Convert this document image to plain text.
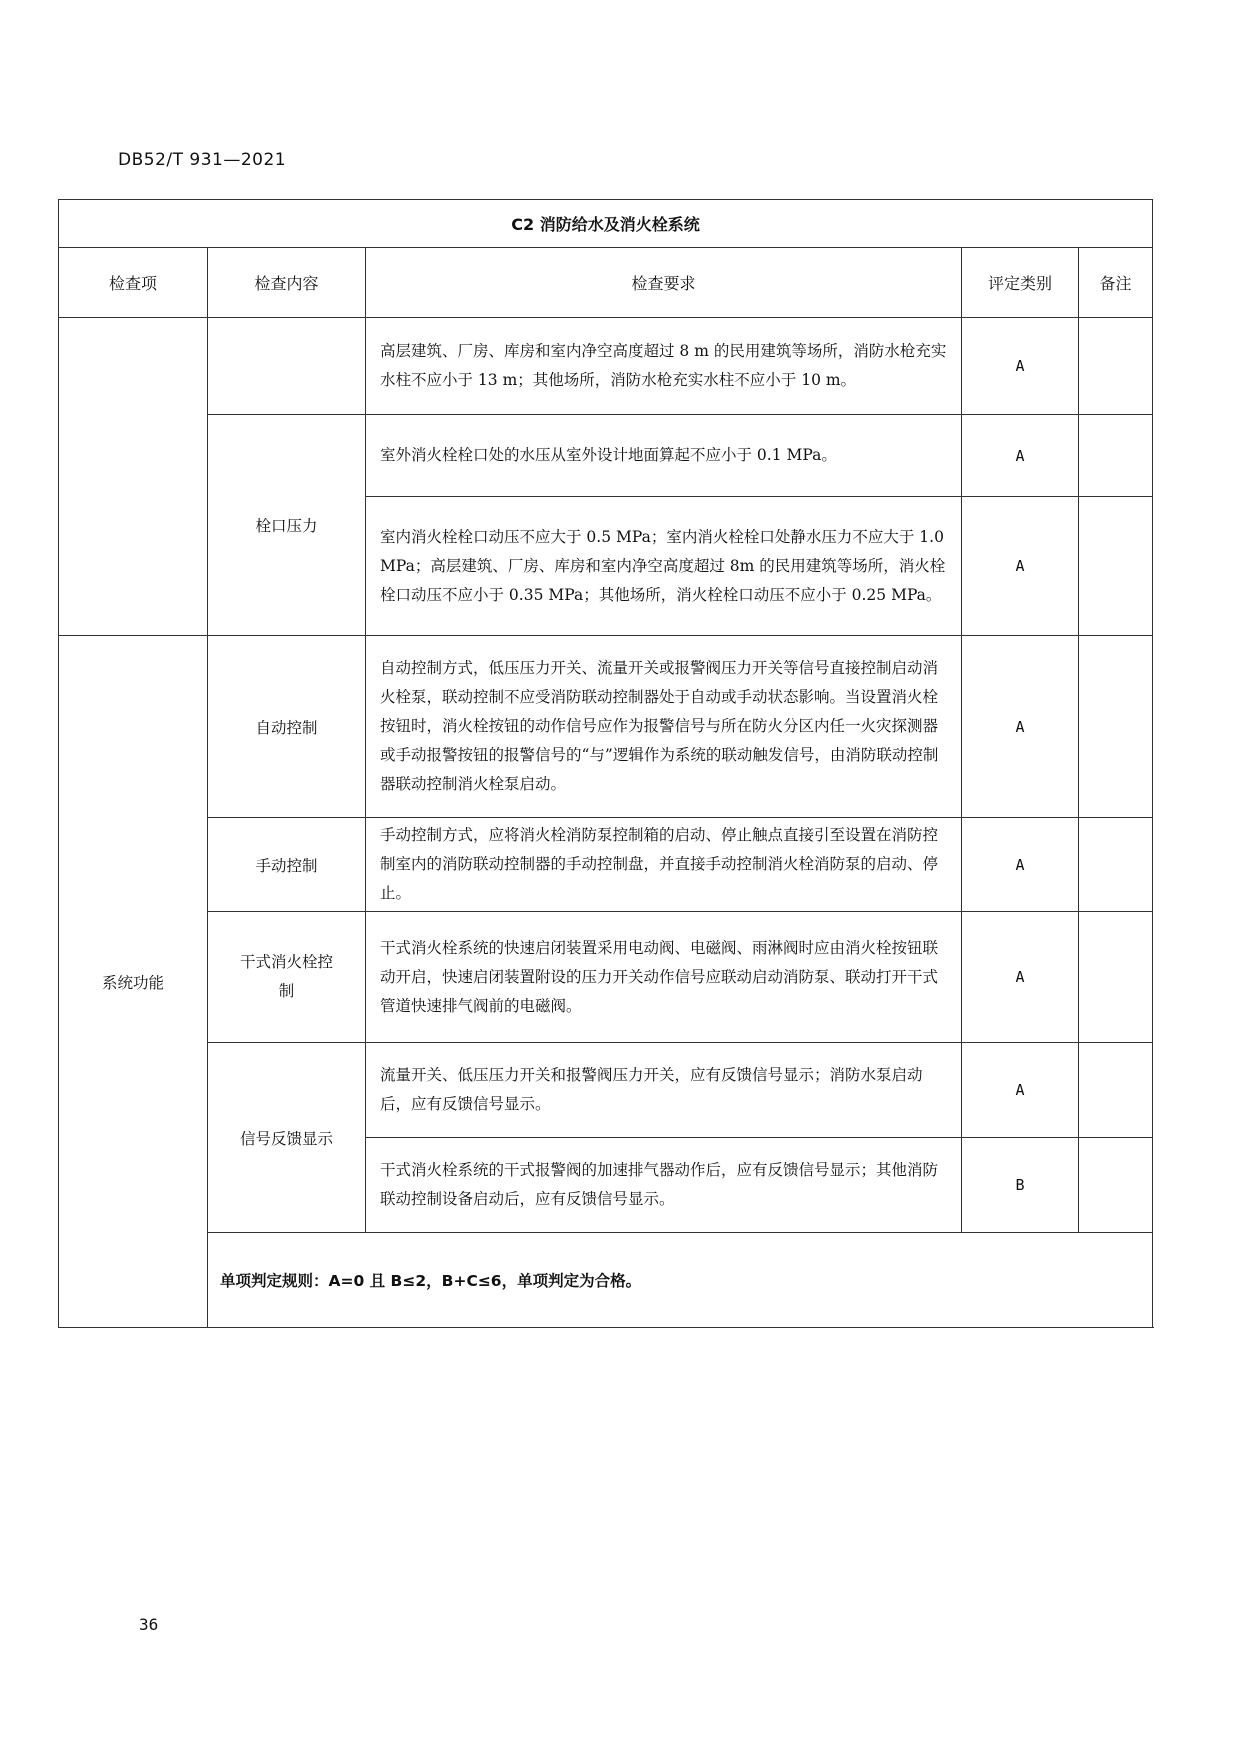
DB52/T 931—2021
C2 消防给水及消火栓系统				
检查项	检查内容	检查要求	评定类别	备注
		高层建筑、厂房、库房和室内净空高度超过 8 m 的民用建筑等场所，消防水枪充实水柱不应小于 13 m；其他场所，消防水枪充实水柱不应小于 10 m。	A	
	栓口压力	室外消火栓栓口处的水压从室外设计地面算起不应小于 0.1 MPa。	A	
		室内消火栓栓口动压不应大于 0.5 MPa；室内消火栓栓口处静水压力不应大于 1.0 MPa；高层建筑、厂房、库房和室内净空高度超过 8m 的民用建筑等场所，消火栓栓口动压不应小于 0.35 MPa；其他场所，消火栓栓口动压不应小于 0.25 MPa。	A	
系统功能	自动控制	自动控制方式，低压压力开关、流量开关或报警阀压力开关等信号直接控制启动消火栓泵，联动控制不应受消防联动控制器处于自动或手动状态影响。当设置消火栓按钮时，消火栓按钮的动作信号应作为报警信号与所在防火分区内任一火灾探测器或手动报警按钮的报警信号的“与”逻辑作为系统的联动触发信号，由消防联动控制器联动控制消火栓泵启动。	A	
	手动控制	手动控制方式，应将消火栓消防泵控制箱的启动、停止触点直接引至设置在消防控制室内的消防联动控制器的手动控制盘，并直接手动控制消火栓消防泵的启动、停止。	A	
	干式消火栓控制	干式消火栓系统的快速启闭装置采用电动阀、电磁阀、雨淋阀时应由消火栓按钮联动开启，快速启闭装置附设的压力开关动作信号应联动启动消防泵、联动打开干式管道快速排气阀前的电磁阀。	A	
	信号反馈显示	流量开关、低压压力开关和报警阀压力开关，应有反馈信号显示；消防水泵启动后，应有反馈信号显示。	A	
		干式消火栓系统的干式报警阀的加速排气器动作后，应有反馈信号显示；其他消防联动控制设备启动后，应有反馈信号显示。	B	
	单项判定规则：A=0 且 B≤2，B+C≤6，单项判定为合格。			
36
